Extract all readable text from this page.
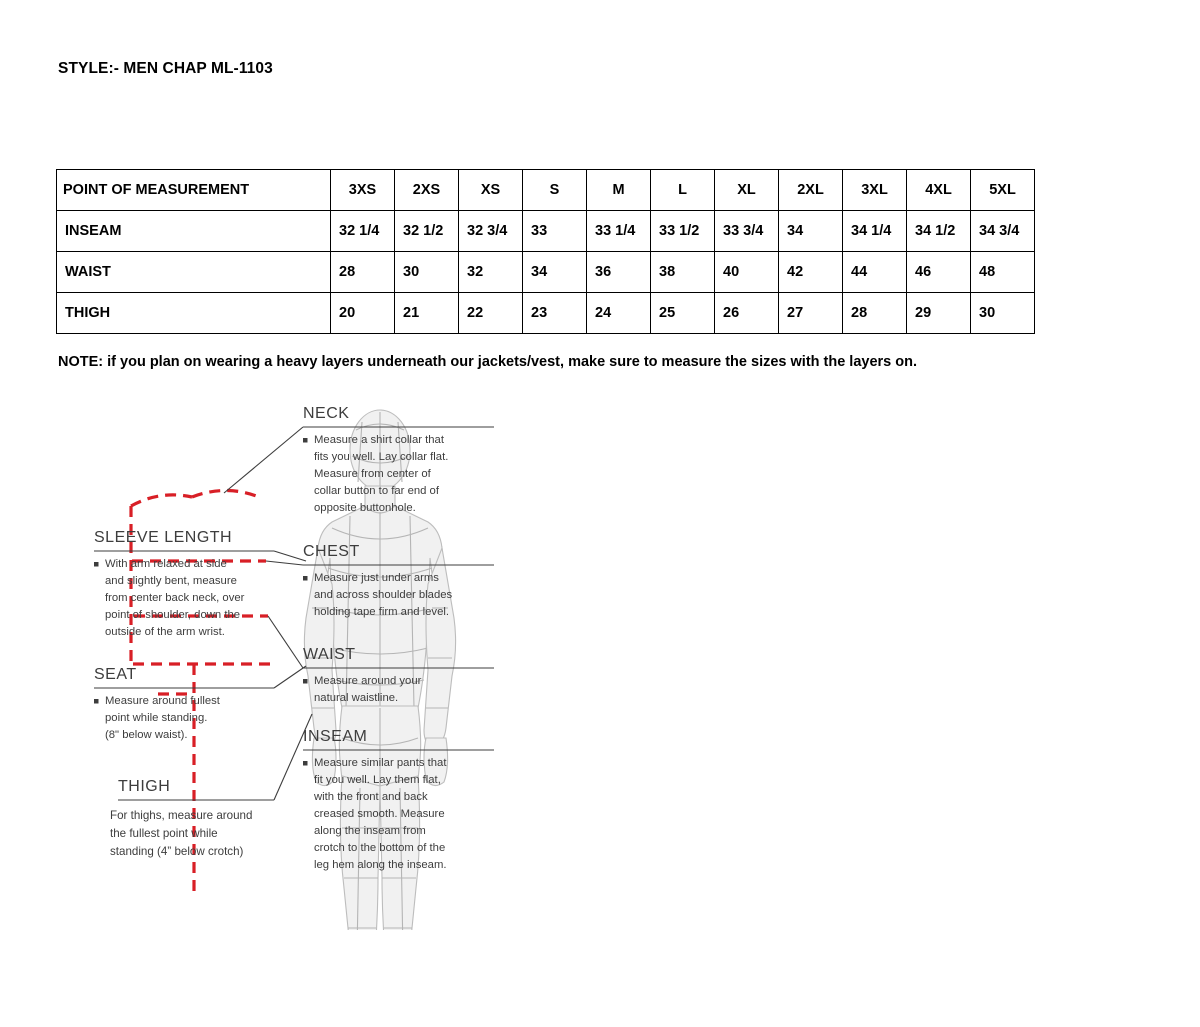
STYLE:- MEN CHAP ML-1103
POINT OF MEASUREMENT	3XS	2XS	XS	S	M	L	XL	2XL	3XL	4XL	5XL
INSEAM	32 1/4	32 1/2	32 3/4	33	33 1/4	33 1/2	33 3/4	34	34 1/4	34 1/2	34 3/4
WAIST	28	30	32	34	36	38	40	42	44	46	48
THIGH	20	21	22	23	24	25	26	27	28	29	30
NOTE: if you plan on wearing a heavy layers underneath our jackets/vest, make sure to measure the sizes with the layers on.
NECK
Measure a shirt collar that
fits you well. Lay collar flat.
Measure from center of
collar button to far end of
opposite buttonhole.
CHEST
Measure just under arms
and across shoulder blades
holding tape firm and level.
WAIST
Measure around your
natural waistline.
INSEAM
Measure similar pants that
fit you well. Lay them flat,
with the front and back
creased smooth. Measure
along the inseam from
crotch to the bottom of the
leg hem along the inseam.
SLEEVE LENGTH
With arm relaxed at side
and slightly bent, measure
from center back neck, over
point of shoulder, down the
outside of the arm wrist.
SEAT
Measure around fullest
point while standing.
(8" below waist).
THIGH
For thighs, measure around
the fullest point while
standing (4” below crotch)
